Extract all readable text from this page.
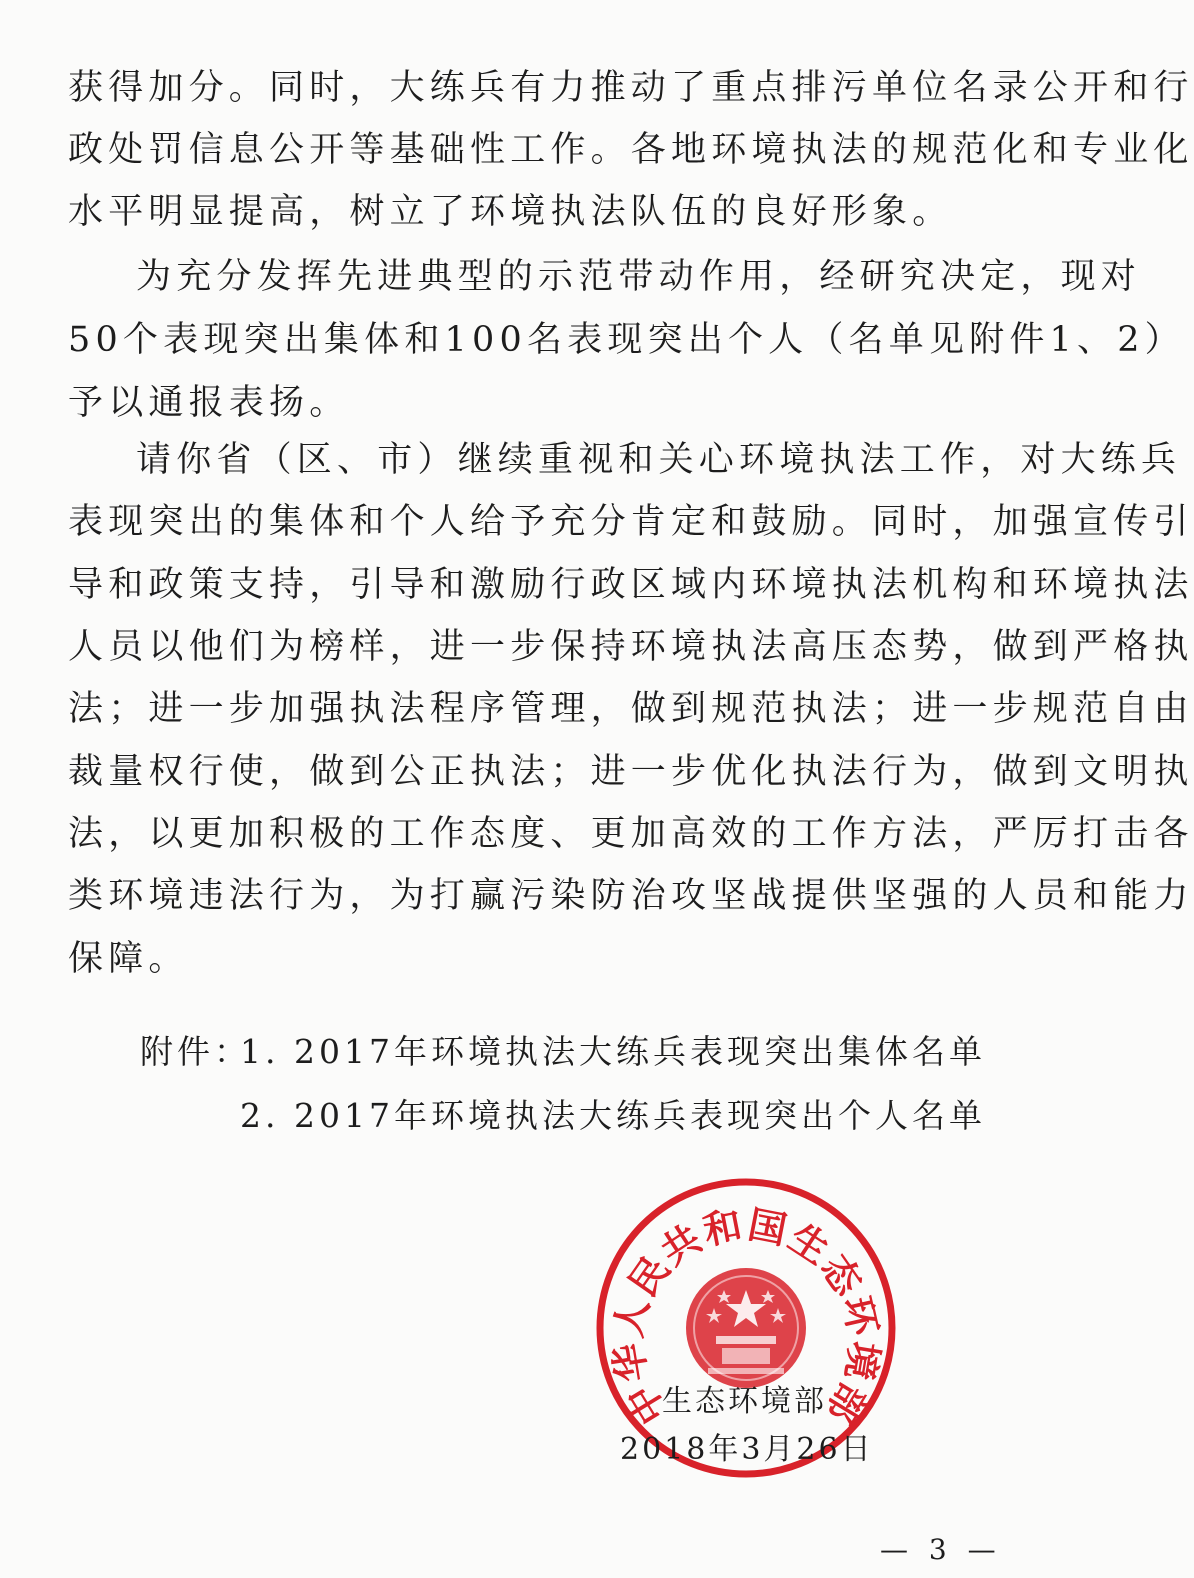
获得加分。同时，大练兵有力推动了重点排污单位名录公开和行
政处罚信息公开等基础性工作。各地环境执法的规范化和专业化
水平明显提高，树立了环境执法队伍的良好形象。
为充分发挥先进典型的示范带动作用，经研究决定，现对
50个表现突出集体和100名表现突出个人（名单见附件1、2）
予以通报表扬。
请你省（区、市）继续重视和关心环境执法工作，对大练兵
表现突出的集体和个人给予充分肯定和鼓励。同时，加强宣传引
导和政策支持，引导和激励行政区域内环境执法机构和环境执法
人员以他们为榜样，进一步保持环境执法高压态势，做到严格执
法；进一步加强执法程序管理，做到规范执法；进一步规范自由
裁量权行使，做到公正执法；进一步优化执法行为，做到文明执
法，以更加积极的工作态度、更加高效的工作方法，严厉打击各
类环境违法行为，为打赢污染防治攻坚战提供坚强的人员和能力
保障。
附件：
1. 2017年环境执法大练兵表现突出集体名单
2. 2017年环境执法大练兵表现突出个人名单
中华人民共和国生态环境部
生态环境部
2018年3月26日
— 3 —
